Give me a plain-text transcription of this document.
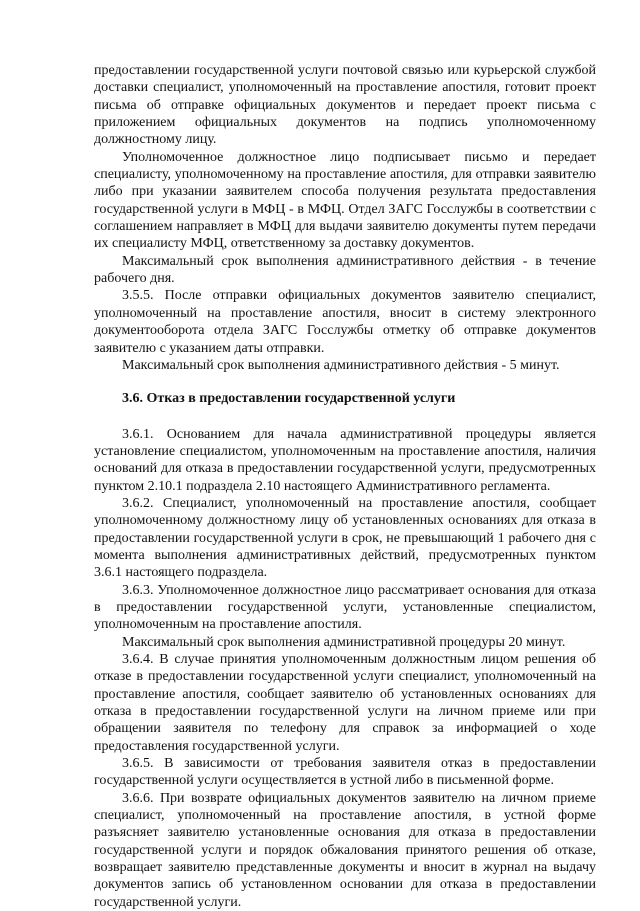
предоставлении государственной услуги почтовой связью или курьерской службой доставки специалист, уполномоченный на проставление апостиля, готовит проект письма об отправке официальных документов и передает проект письма с приложением официальных документов на подпись уполномоченному должностному лицу.

Уполномоченное должностное лицо подписывает письмо и передает специалисту, уполномоченному на проставление апостиля, для отправки заявителю либо при указании заявителем способа получения результата предоставления государственной услуги в МФЦ - в МФЦ. Отдел ЗАГС Госслужбы в соответствии с соглашением направляет в МФЦ для выдачи заявителю документы путем передачи их специалисту МФЦ, ответственному за доставку документов.

Максимальный срок выполнения административного действия - в течение рабочего дня.

3.5.5. После отправки официальных документов заявителю специалист, уполномоченный на проставление апостиля, вносит в систему электронного документооборота отдела ЗАГС Госслужбы отметку об отправке документов заявителю с указанием даты отправки.

Максимальный срок выполнения административного действия - 5 минут.

3.6. Отказ в предоставлении государственной услуги

3.6.1. Основанием для начала административной процедуры является установление специалистом, уполномоченным на проставление апостиля, наличия оснований для отказа в предоставлении государственной услуги, предусмотренных пунктом 2.10.1 подраздела 2.10 настоящего Административного регламента.

3.6.2. Специалист, уполномоченный на проставление апостиля, сообщает уполномоченному должностному лицу об установленных основаниях для отказа в предоставлении государственной услуги в срок, не превышающий 1 рабочего дня с момента выполнения административных действий, предусмотренных пунктом 3.6.1 настоящего подраздела.

3.6.3. Уполномоченное должностное лицо рассматривает основания для отказа в предоставлении государственной услуги, установленные специалистом, уполномоченным на проставление апостиля.

Максимальный срок выполнения административной процедуры 20 минут.

3.6.4. В случае принятия уполномоченным должностным лицом решения об отказе в предоставлении государственной услуги специалист, уполномоченный на проставление апостиля, сообщает заявителю об установленных основаниях для отказа в предоставлении государственной услуги на личном приеме или при обращении заявителя по телефону для справок за информацией о ходе предоставления государственной услуги.

3.6.5. В зависимости от требования заявителя отказ в предоставлении государственной услуги осуществляется в устной либо в письменной форме.

3.6.6. При возврате официальных документов заявителю на личном приеме специалист, уполномоченный на проставление апостиля, в устной форме разъясняет заявителю установленные основания для отказа в предоставлении государственной услуги и порядок обжалования принятого решения об отказе, возвращает заявителю представленные документы и вносит в журнал на выдачу документов запись об установленном основании для отказа в предоставлении государственной услуги.
